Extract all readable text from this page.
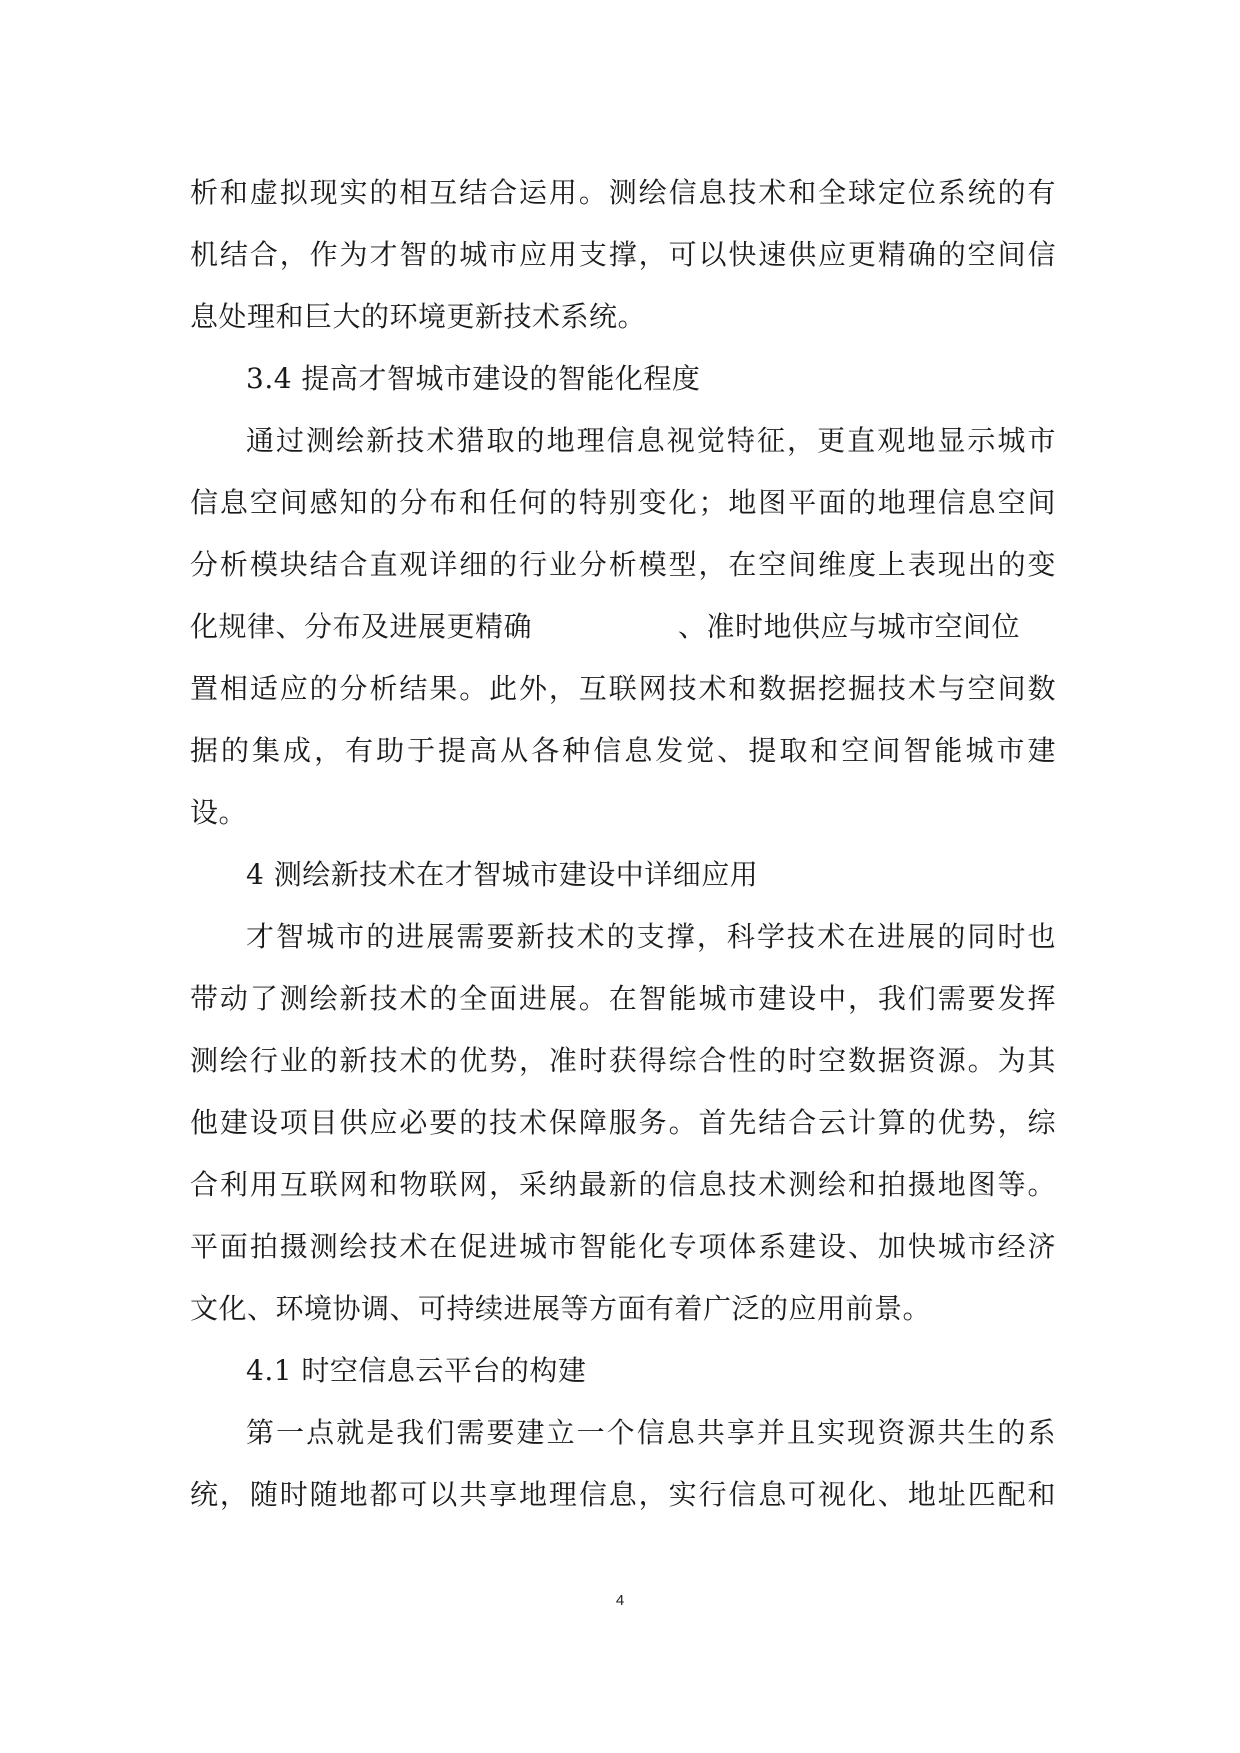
析和虚拟现实的相互结合运用。测绘信息技术和全球定位系统的有
机结合，作为才智的城市应用支撑，可以快速供应更精确的空间信
息处理和巨大的环境更新技术系统。

3.4 提高才智城市建设的智能化程度

通过测绘新技术猎取的地理信息视觉特征，更直观地显示城市
信息空间感知的分布和任何的特别变化；地图平面的地理信息空间
分析模块结合直观详细的行业分析模型，在空间维度上表现出的变
化规律、分布及进展更精确	、准时地供应与城市空间位
置相适应的分析结果。此外，互联网技术和数据挖掘技术与空间数
据的集成，有助于提高从各种信息发觉、提取和空间智能城市建
设。

4 测绘新技术在才智城市建设中详细应用

才智城市的进展需要新技术的支撑，科学技术在进展的同时也
带动了测绘新技术的全面进展。在智能城市建设中，我们需要发挥
测绘行业的新技术的优势，准时获得综合性的时空数据资源。为其
他建设项目供应必要的技术保障服务。首先结合云计算的优势，综
合利用互联网和物联网，采纳最新的信息技术测绘和拍摄地图等。
平面拍摄测绘技术在促进城市智能化专项体系建设、加快城市经济
文化、环境协调、可持续进展等方面有着广泛的应用前景。

4.1 时空信息云平台的构建

第一点就是我们需要建立一个信息共享并且实现资源共生的系
统，随时随地都可以共享地理信息，实行信息可视化、地址匹配和

4
